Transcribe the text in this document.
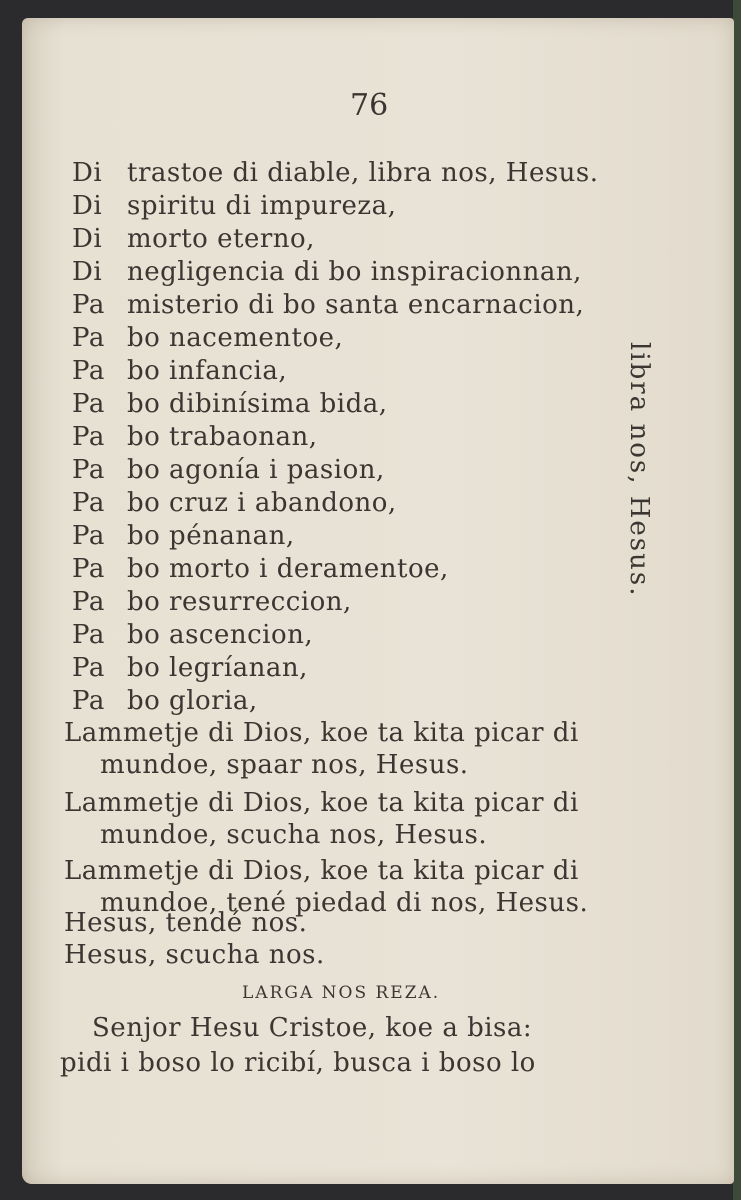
76
Di trastoe di diable, libra nos, Hesus.
Di spiritu di impureza,
Di morto eterno,
Di negligencia di bo inspiracionnan,
Pa misterio di bo santa encarnacion,
Pa bo nacementoe,
Pa bo infancia,
Pa bo dibinísima bida,
Pa bo trabaonan,
Pa bo agonía i pasion,
Pa bo cruz i abandono,
Pa bo pénanan,
Pa bo morto i deramentoe,
Pa bo resurreccion,
Pa bo ascencion,
Pa bo legríanan,
Pa bo gloria,
libra nos, Hesus.
Lammetje di Dios, koe ta kita picar di
mundoe, spaar nos, Hesus.
Lammetje di Dios, koe ta kita picar di
mundoe, scucha nos, Hesus.
Lammetje di Dios, koe ta kita picar di
mundoe, tené piedad di nos, Hesus.
Hesus, tendé nos.
Hesus, scucha nos.
LARGA NOS REZA.
Senjor Hesu Cristoe, koe a bisa:
pidi i boso lo ricibí, busca i boso lo
